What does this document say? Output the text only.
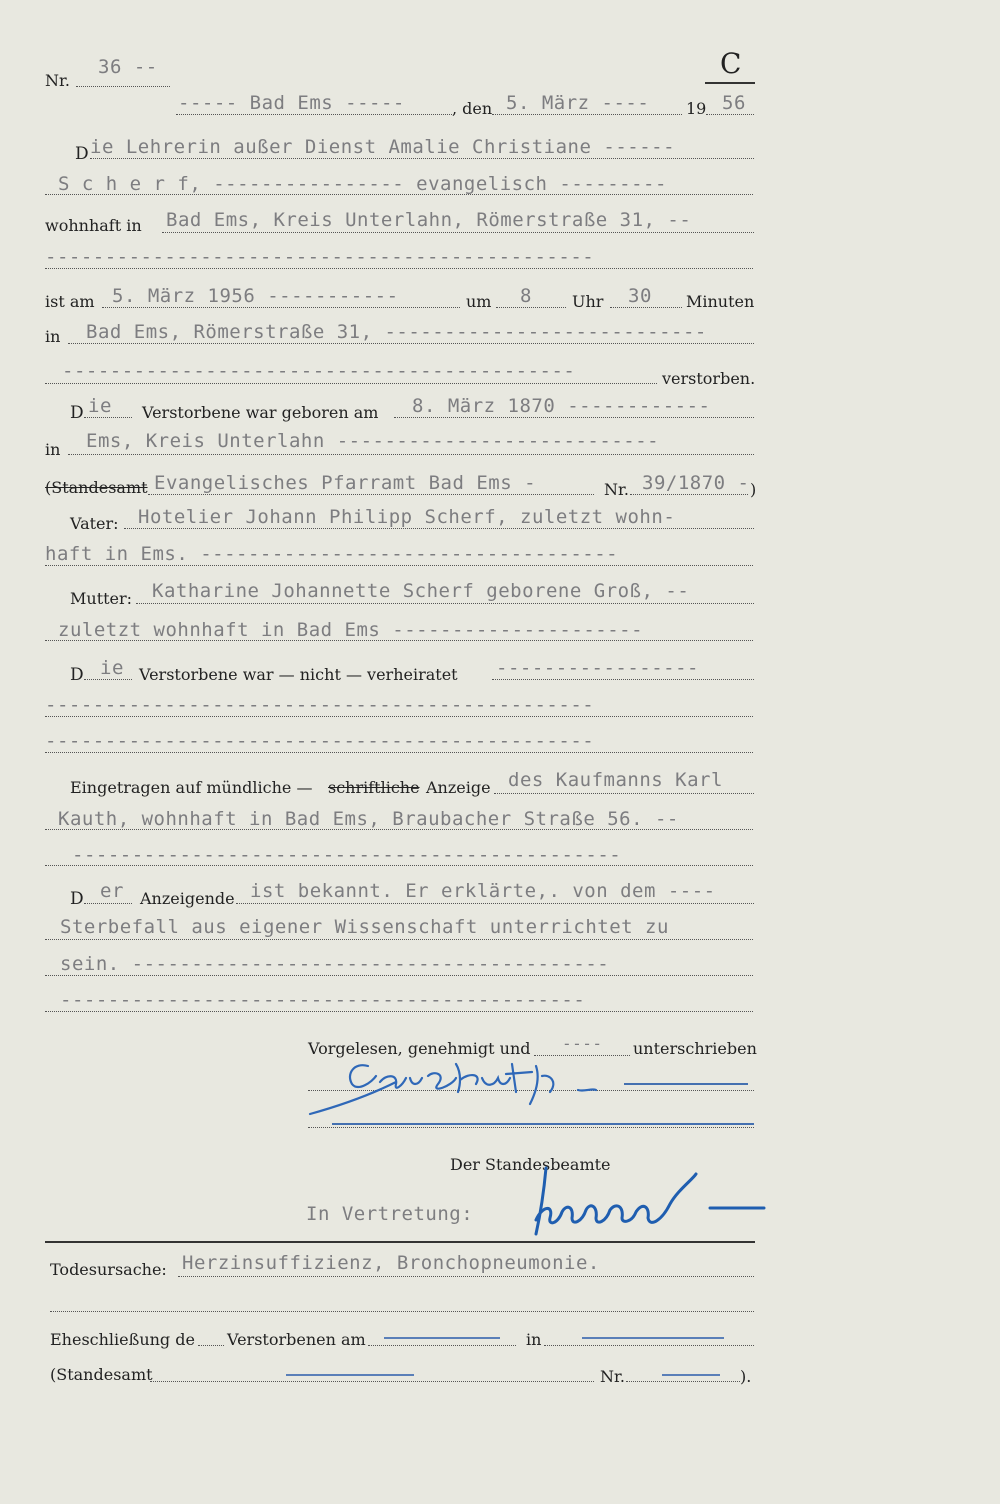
Nr.
36 --	C
----- Bad Ems -----	, den 5. März ---- 19 56
D ie Lehrerin außer Dienst Amalie Christiane ------
S c h e r f, ---------------- evangelisch ---------
wohnhaft in Bad Ems, Kreis Unterlahn, Römerstraße 31, --
----------------------------------------------
ist am 5. März 1956 -----------	um 8	Uhr 30 Minuten
in Bad Ems, Römerstraße 31, ---------------------------
-------------------------------------------	verstorben.
D ie Verstorbene war geboren am 8. März 1870 ------------
in Ems, Kreis Unterlahn ---------------------------
(Standesamt Evangelisches Pfarramt Bad Ems -	Nr. 39/1870 - )
Vater: Hotelier Johann Philipp Scherf, zuletzt wohn-
haft in Ems. -----------------------------------
Mutter: Katharine Johannette Scherf geborene Groß, --
zuletzt wohnhaft in Bad Ems ---------------------
D ie Verstorbene war — nicht — verheiratet -----------------
----------------------------------------------
----------------------------------------------
Eingetragen auf mündliche — schriftliche Anzeige des Kaufmanns Karl
Kauth, wohnhaft in Bad Ems, Braubacher Straße 56. --
----------------------------------------------
D er Anzeigende ist bekannt. Er erklärte,. von dem ----
Sterbefall aus eigener Wissenschaft unterrichtet zu
sein. ----------------------------------------
--------------------------------------------
Vorgelesen, genehmigt und ---- unterschrieben
Der Standesbeamte
In Vertretung:
Todesursache: Herzinsuffizienz, Bronchopneumonie.
Eheschließung de Verstorbenen am	in
(Standesamt	Nr.	).
